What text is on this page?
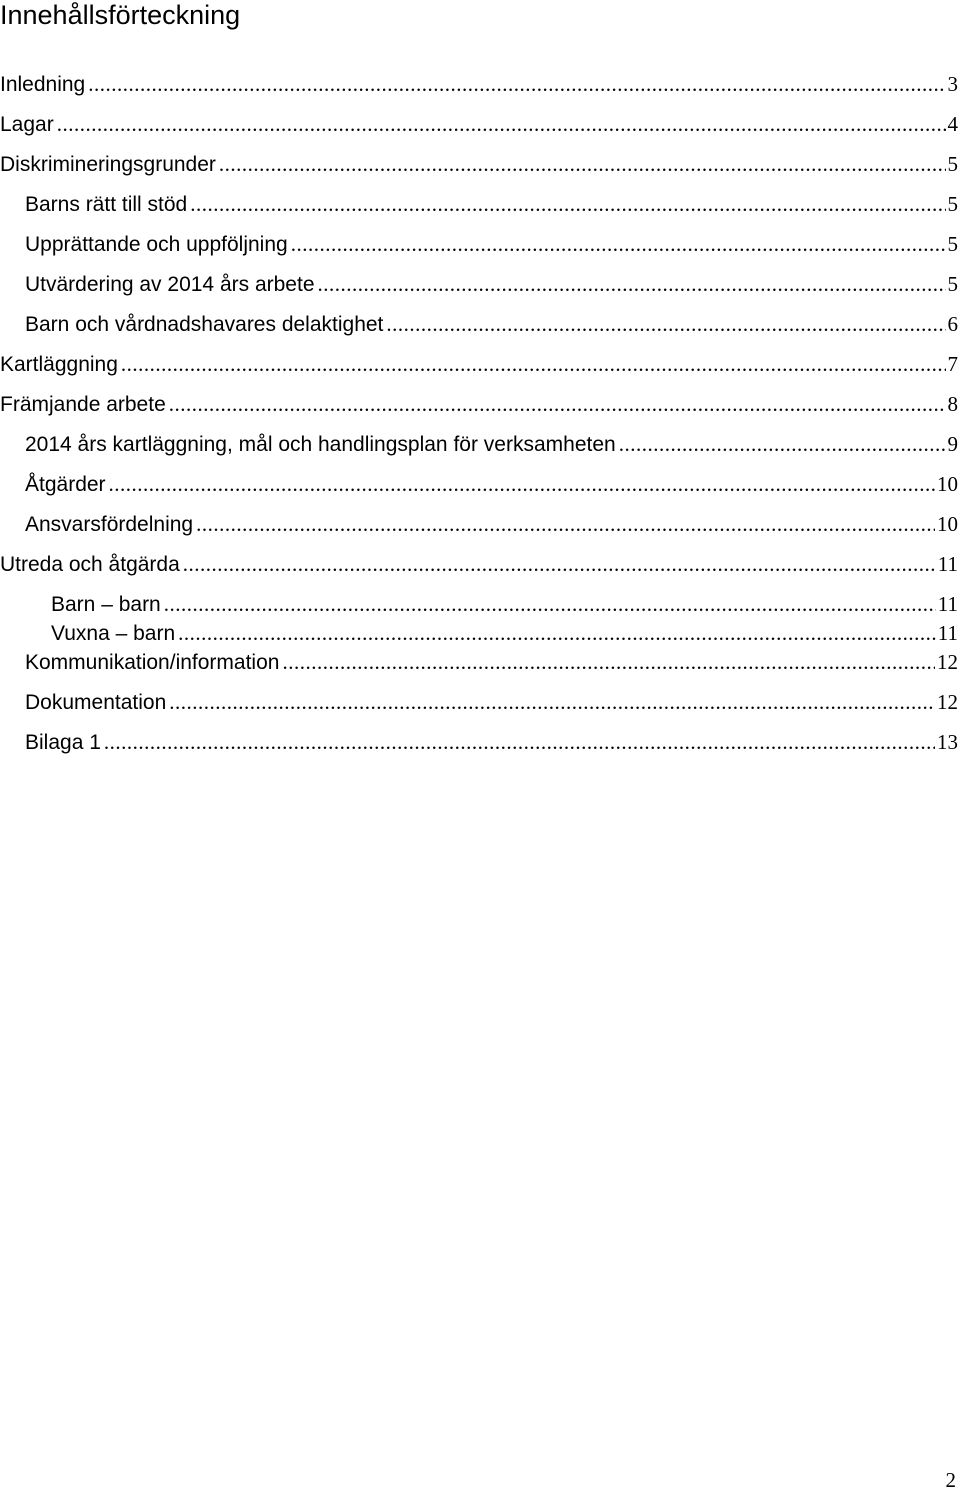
Innehållsförteckning
Inledning .....	3
Lagar .....	4
Diskrimineringsgrunder .....	5
Barns rätt till stöd .....	5
Upprättande och uppföljning .....	5
Utvärdering av 2014 års arbete .....	5
Barn och vårdnadshavares delaktighet .....	6
Kartläggning .....	7
Främjande arbete .....	8
2014 års kartläggning, mål och handlingsplan för verksamheten .....	9
Åtgärder .....	10
Ansvarsfördelning .....	10
Utreda och åtgärda .....	11
Barn – barn .....	11
Vuxna – barn .....	11
Kommunikation/information .....	12
Dokumentation .....	12
Bilaga 1 .....	13
2
